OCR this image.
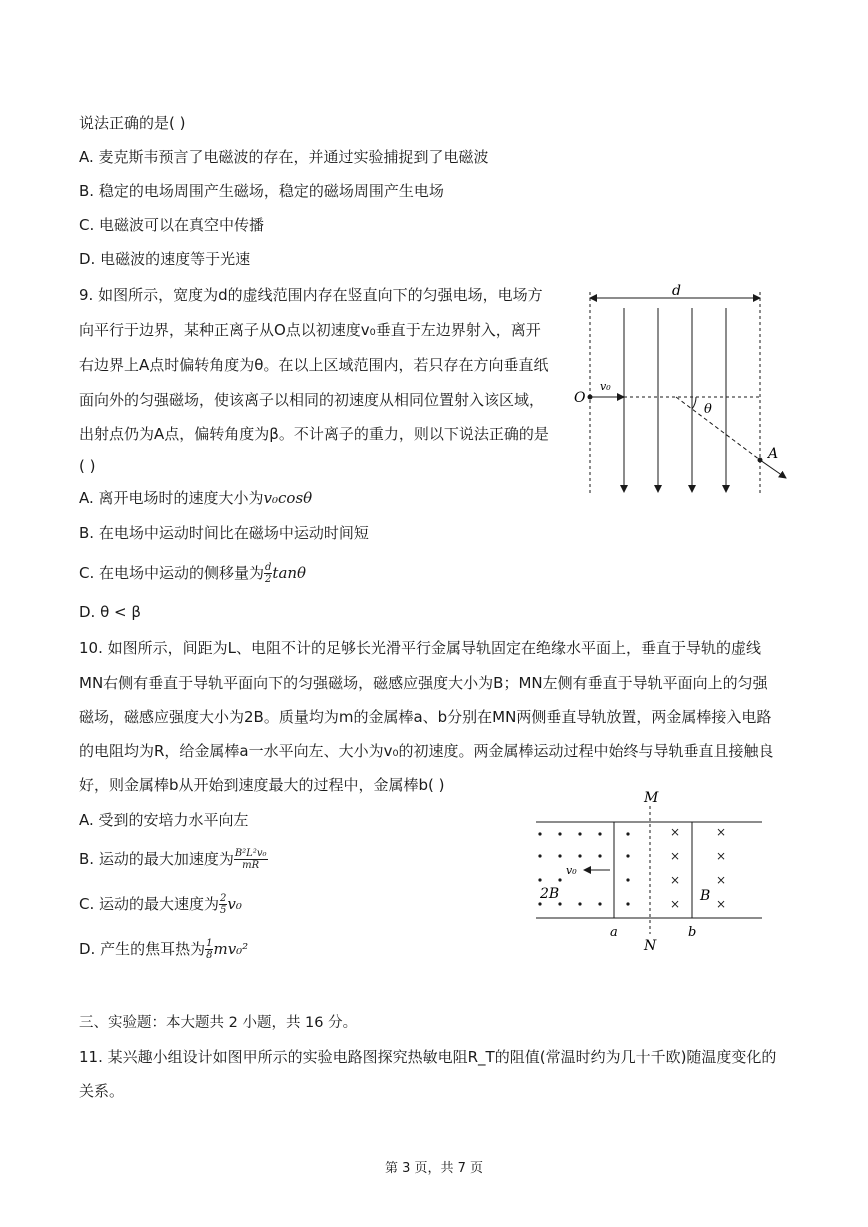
说法正确的是( )
A. 麦克斯韦预言了电磁波的存在，并通过实验捕捉到了电磁波
B. 稳定的电场周围产生磁场，稳定的磁场周围产生电场
C. 电磁波可以在真空中传播
D. 电磁波的速度等于光速
9. 如图所示，宽度为d的虚线范围内存在竖直向下的匀强电场，电场方
向平行于边界，某种正离子从O点以初速度v₀垂直于左边界射入，离开
右边界上A点时偏转角度为θ。在以上区域范围内，若只存在方向垂直纸
面向外的匀强磁场，使该离子以相同的初速度从相同位置射入该区域，
出射点仍为A点，偏转角度为β。不计离子的重力，则以下说法正确的是
( )
A. 离开电场时的速度大小为v₀cosθ
B. 在电场中运动时间比在磁场中运动时间短
C. 在电场中运动的侧移量为 $\frac{d}{2}$ tanθ
D. θ < β
d
O
v₀
θ
A
10. 如图所示，间距为L、电阻不计的足够长光滑平行金属导轨固定在绝缘水平面上，垂直于导轨的虚线
MN右侧有垂直于导轨平面向下的匀强磁场，磁感应强度大小为B；MN左侧有垂直于导轨平面向上的匀强
磁场，磁感应强度大小为2B。质量均为m的金属棒a、b分别在MN两侧垂直导轨放置，两金属棒接入电路
的电阻均为R，给金属棒a一水平向左、大小为v₀的初速度。两金属棒运动过程中始终与导轨垂直且接触良
好，则金属棒b从开始到速度最大的过程中，金属棒b( )
A. 受到的安培力水平向左
B. 运动的最大加速度为 $\frac{\text{B²L²v₀}}{mR}$
C. 运动的最大速度为 $\frac{2}{5} v_0$
D. 产生的焦耳热为 $\frac{1}{8} mv_0^2$
M
N
a	b
2B
v₀
×	×
×	×
×	×
×	×
B
三、实验题：本大题共 2 小题，共 16 分。
11. 某兴趣小组设计如图甲所示的实验电路图探究热敏电阻R_T的阻值(常温时约为几十千欧)随温度变化的
关系。
第 3 页，共 7 页
